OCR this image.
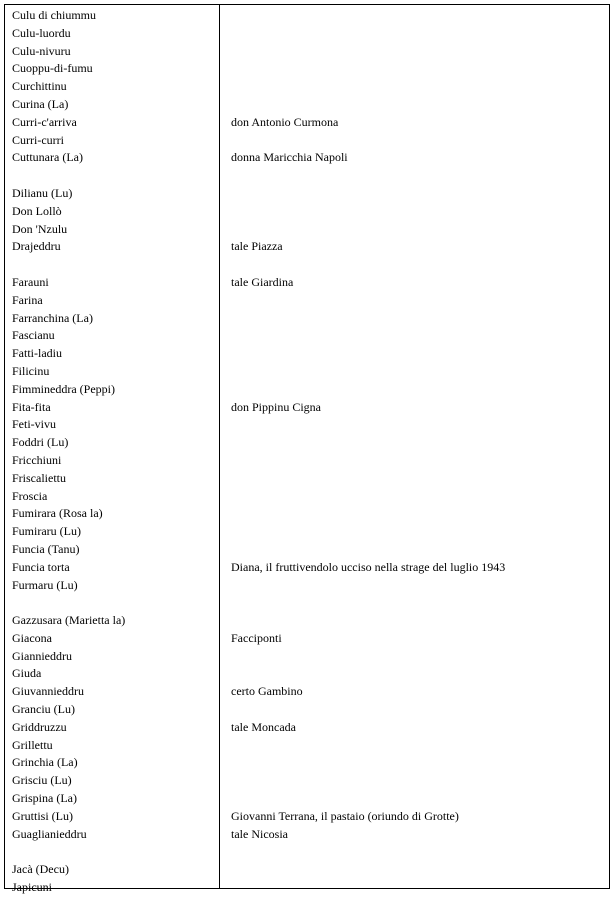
Culu di chiummu
Culu-luordu
Culu-nivuru
Cuoppu-di-fumu
Curchittinu
Curina (La)
Curri-c'arriva	don Antonio Curmona
Curri-curri
Cuttunara (La)	donna Maricchia Napoli
Dilianu (Lu)
Don Lollò
Don 'Nzulu
Drajeddru	tale Piazza
Farauni	tale Giardina
Farina
Farranchina (La)
Fascianu
Fatti-ladiu
Filicinu
Fimmineddra (Peppi)
Fita-fita	don Pippinu Cigna
Feti-vivu
Foddri (Lu)
Fricchiuni
Friscaliettu
Froscia
Fumirara (Rosa la)
Fumiraru (Lu)
Funcia (Tanu)
Funcia torta	Diana, il fruttivendolo ucciso nella strage del luglio 1943
Furmaru (Lu)
Gazzusara (Marietta la)
Giacona	Facciponti
Giannieddru
Giuda
Giuvannieddru	certo Gambino
Granciu (Lu)
Griddruzzu	tale Moncada
Grillettu
Grinchia (La)
Grisciu (Lu)
Grispina (La)
Gruttisi (Lu)	Giovanni Terrana, il pastaio (oriundo di Grotte)
Guaglianieddru	tale Nicosia
Jacà (Decu)
Japicuni
